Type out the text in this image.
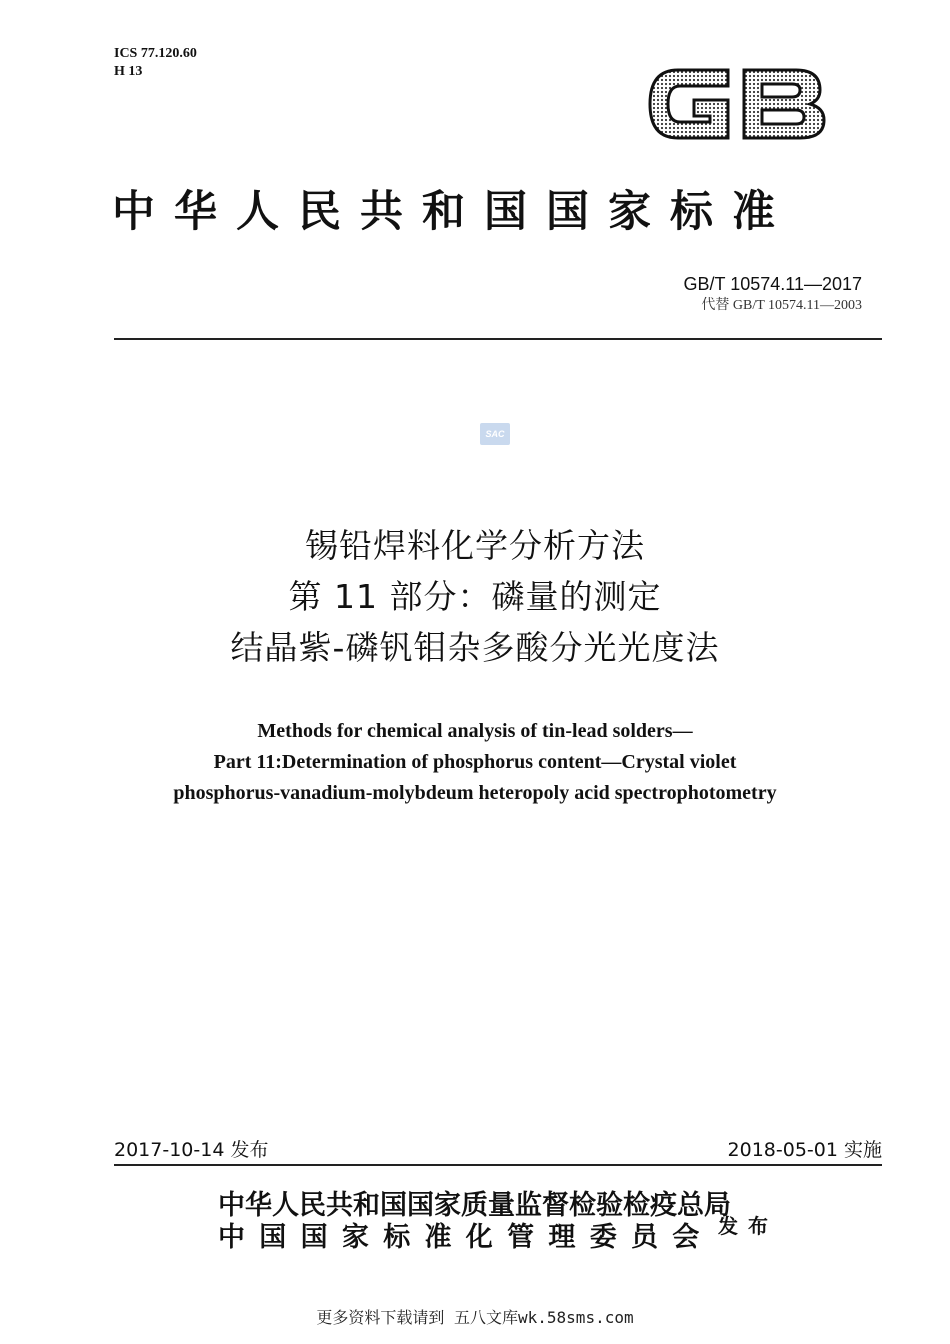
ICS 77.120.60
H 13
中华人民共和国国家标准
GB/T 10574.11—2017
代替 GB/T 10574.11—2003
SAC
锡铅焊料化学分析方法
第 11 部分：磷量的测定
结晶紫-磷钒钼杂多酸分光光度法
Methods for chemical analysis of tin-lead solders—
Part 11:Determination of phosphorus content—Crystal violet
phosphorus-vanadium-molybdeum heteropoly acid spectrophotometry
2017-10-14 发布	2018-05-01 实施
中华人民共和国国家质量监督检验检疫总局
中国国家标准化管理委员会 发布
更多资料下载请到 五八文库wk.58sms.com
